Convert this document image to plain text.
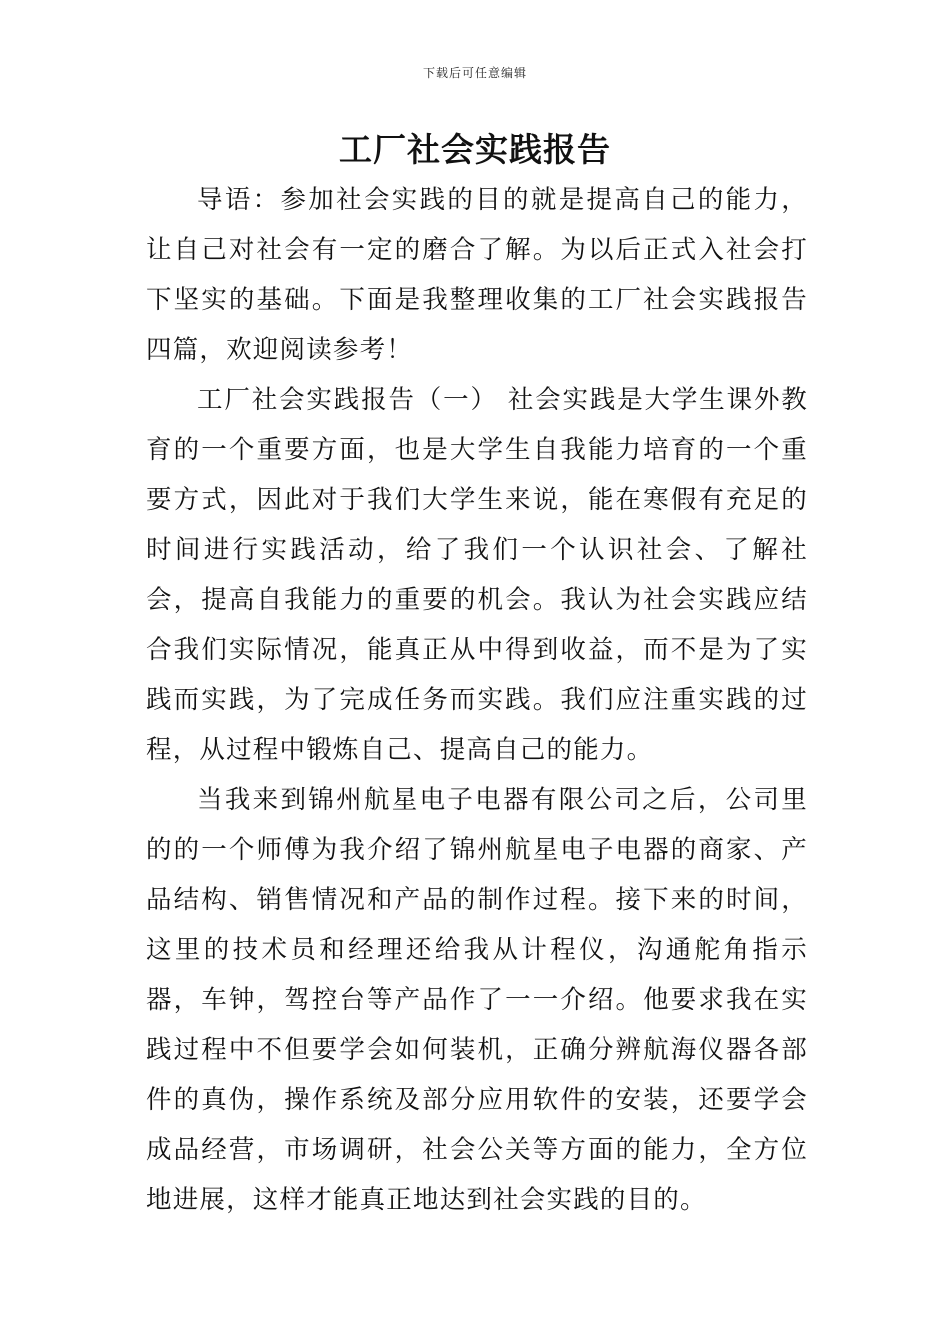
下载后可任意编辑
工厂社会实践报告

导语：参加社会实践的目的就是提高自己的能力，让自己对社会有一定的磨合了解。为以后正式入社会打下坚实的基础。下面是我整理收集的工厂社会实践报告四篇，欢迎阅读参考！

工厂社会实践报告（一） 社会实践是大学生课外教育的一个重要方面，也是大学生自我能力培育的一个重要方式，因此对于我们大学生来说，能在寒假有充足的时间进行实践活动，给了我们一个认识社会、了解社会，提高自我能力的重要的机会。我认为社会实践应结合我们实际情况，能真正从中得到收益，而不是为了实践而实践，为了完成任务而实践。我们应注重实践的过程，从过程中锻炼自己、提高自己的能力。

当我来到锦州航星电子电器有限公司之后，公司里的的一个师傅为我介绍了锦州航星电子电器的商家、产品结构、销售情况和产品的制作过程。接下来的时间，这里的技术员和经理还给我从计程仪，沟通舵角指示器，车钟，驾控台等产品作了一一介绍。他要求我在实践过程中不但要学会如何装机，正确分辨航海仪器各部件的真伪，操作系统及部分应用软件的安装，还要学会成品经营，市场调研，社会公关等方面的能力，全方位地进展，这样才能真正地达到社会实践的目的。
